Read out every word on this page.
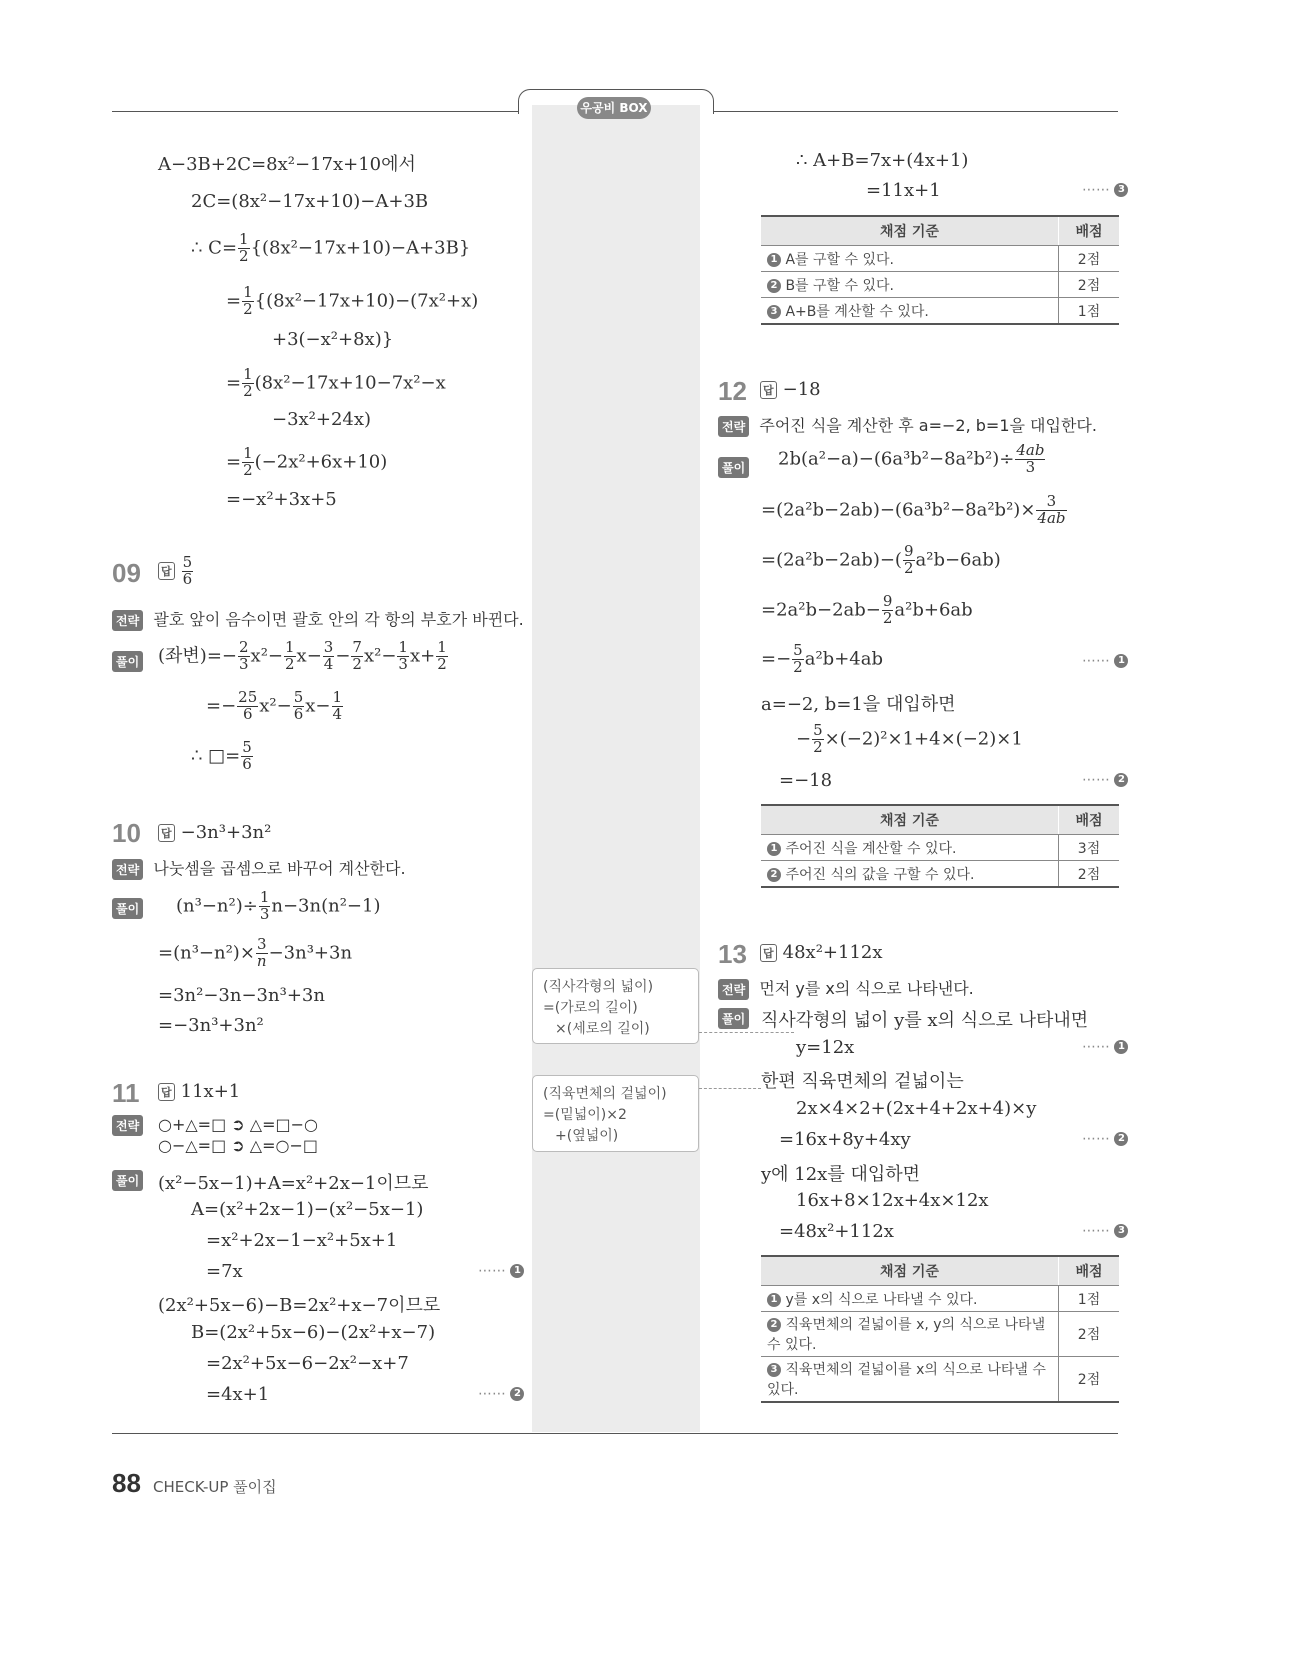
우공비 BOX
A−3B+2C=8x²−17x+10에서
2C=(8x²−17x+10)−A+3B
∴ $C= \frac{1}{2} \{(8x^2-17x+10)-A+3B\}$
= $\frac{1}{2} \{(8x^2-17x+10)-(7x^2+x)$
+3(−x²+8x)}
= $\frac{1}{2} (8x^2-17x+10-7x^2-x$
−3x²+24x)
= $\frac{1}{2} (-2x^2+6x+10)$
=−x²+3x+5
09 답 $\frac{5}{6}$
전략 괄호 앞이 음수이면 괄호 안의 각 항의 부호가 바뀐다.
풀이 (좌변)=− $\frac{2}{3} x^2- \frac{1}{2} x- \frac{3}{4} - \frac{7}{2} x^2- \frac{1}{3} x+ \frac{1}{2}$
=− $\frac{25}{6} x^2- \frac{5}{6} x- \frac{1}{4}$
∴ □= $\frac{5}{6}$
10 답 −3n³+3n²
전략 나눗셈을 곱셈으로 바꾸어 계산한다.
풀이 $(n^3-n^2)\div \frac{1}{3} n-3n(n^2-1)$
$=(n^3-n^2)\times \frac{3}{n} -3n^3+3n$
=3n²−3n−3n³+3n
=−3n³+3n²
11 답 11x+1
전략 ○+△=□ ➲ △=□−○
○−△=□ ➲ △=○−□
풀이 (x²−5x−1)+A=x²+2x−1이므로
A=(x²+2x−1)−(x²−5x−1)
=x²+2x−1−x²+5x+1
=7x	⋯⋯ 1
(2x²+5x−6)−B=2x²+x−7이므로
B=(2x²+5x−6)−(2x²+x−7)
=2x²+5x−6−2x²−x+7
=4x+1	⋯⋯ 2
(직사각형의 넓이)
=(가로의 길이)
×(세로의 길이)
(직육면체의 겉넓이)
=(밑넓이)×2
+(옆넓이)
∴ A+B=7x+(4x+1)
=11x+1	⋯⋯ 3
채점 기준	배점
1 A를 구할 수 있다.	2점
2 B를 구할 수 있다.	2점
3 A+B를 계산할 수 있다.	1점
12 답 −18
전략 주어진 식을 계산한 후 a=−2, b=1을 대입한다.
풀이 $2b(a^2-a)-(6a^3b^2-8a^2b^2)\div \frac{4ab}{3}$
$=(2a^2b-2ab)-(6a^3b^2-8a^2b^2)\times \frac{3}{4ab}$
$=(2a^2b-2ab)-( \frac{9}{2} a^2b-6ab)$
$=2a^2b-2ab- \frac{9}{2} a^2b+6ab$
=− $\frac{5}{2} a^2b+4ab$	⋯⋯ 1
a=−2, b=1을 대입하면
− $\frac{5}{2} \times(-2)^2\times 1+4\times(-2)\times 1$
=−18	⋯⋯ 2
채점 기준	배점
1 주어진 식을 계산할 수 있다.	3점
2 주어진 식의 값을 구할 수 있다.	2점
13 답 48x²+112x
전략 먼저 y를 x의 식으로 나타낸다.
풀이 직사각형의 넓이 y를 x의 식으로 나타내면
y=12x	⋯⋯ 1
한편 직육면체의 겉넓이는
2x×4×2+(2x+4+2x+4)×y
=16x+8y+4xy	⋯⋯ 2
y에 12x를 대입하면
16x+8×12x+4x×12x
=48x²+112x	⋯⋯ 3
채점 기준	배점
1 y를 x의 식으로 나타낼 수 있다.	1점
2 직육면체의 겉넓이를 x, y의 식으로 나타낼 수 있다.	2점
3 직육면체의 겉넓이를 x의 식으로 나타낼 수 있다.	2점
88 CHECK-UP 풀이집
